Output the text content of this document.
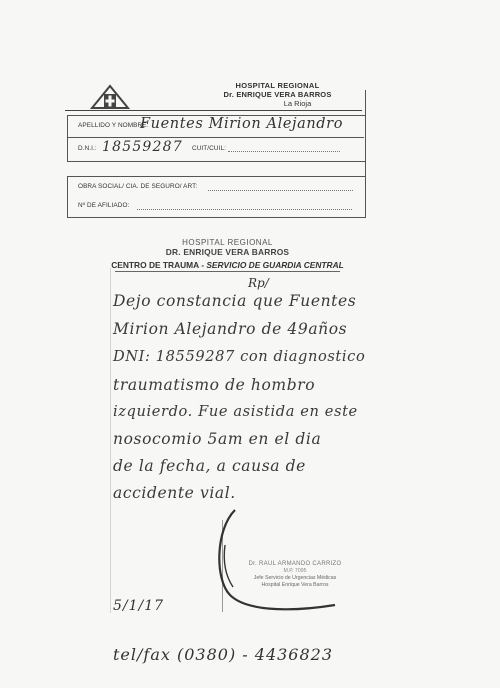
HOSPITAL REGIONAL
Dr. ENRIQUE VERA BARROS
La Rioja
APELLIDO Y NOMBRE:
Fuentes Mirion Alejandro
D.N.I.: 18559287 CUIT/CUIL:
OBRA SOCIAL/ CIA. DE SEGURO/ ART:
Nº DE AFILIADO:
HOSPITAL REGIONAL
DR. ENRIQUE VERA BARROS
CENTRO DE TRAUMA - SERVICIO DE GUARDIA CENTRAL
Rp/
Dejo constancia que Fuentes
Mirion Alejandro de 49años
DNI: 18559287 con diagnostico
traumatismo de hombro
izquierdo. Fue asistida en este
nosocomio 5am en el dia
de la fecha, a causa de
accidente vial.
Dr. RAUL ARMANDO CARRIZO
M.P. 7095
Jefe Servicio de Urgencias Médicas
Hospital Enrique Vera Barros
5/1/17
tel/fax (0380) - 4436823
